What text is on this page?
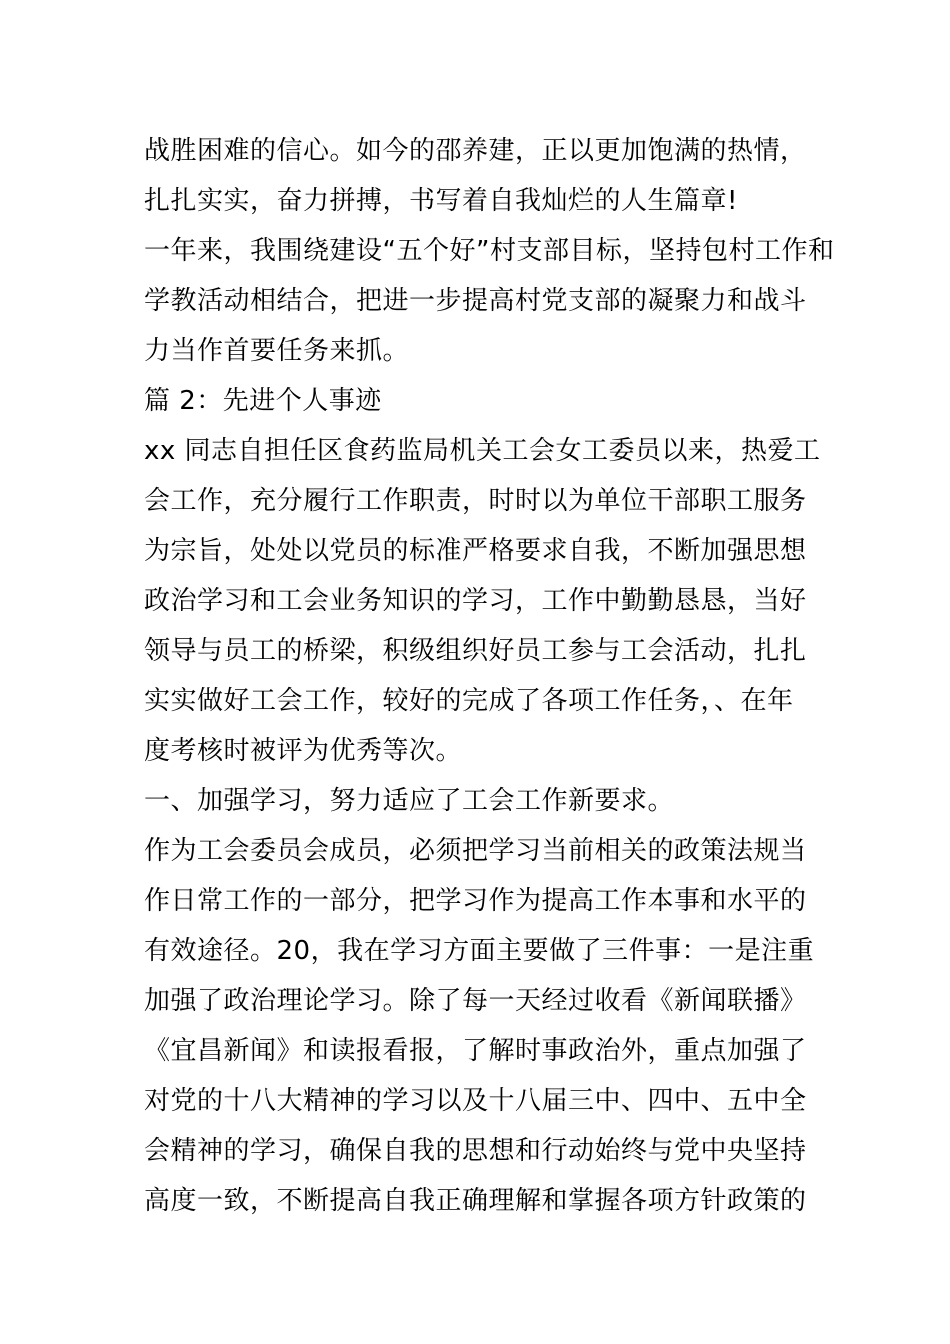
战胜困难的信心。如今的邵养建，正以更加饱满的热情，
扎扎实实，奋力拼搏，书写着自我灿烂的人生篇章!
一年来，我围绕建设“五个好”村支部目标，坚持包村工作和
学教活动相结合，把进一步提高村党支部的凝聚力和战斗
力当作首要任务来抓。
篇 2：先进个人事迹
xx 同志自担任区食药监局机关工会女工委员以来，热爱工
会工作，充分履行工作职责，时时以为单位干部职工服务
为宗旨，处处以党员的标准严格要求自我，不断加强思想
政治学习和工会业务知识的学习，工作中勤勤恳恳，当好
领导与员工的桥梁，积级组织好员工参与工会活动，扎扎
实实做好工会工作，较好的完成了各项工作任务，、在年
度考核时被评为优秀等次。
一、加强学习，努力适应了工会工作新要求。
作为工会委员会成员，必须把学习当前相关的政策法规当
作日常工作的一部分，把学习作为提高工作本事和水平的
有效途径。20，我在学习方面主要做了三件事：一是注重
加强了政治理论学习。除了每一天经过收看《新闻联播》
《宜昌新闻》和读报看报，了解时事政治外，重点加强了
对党的十八大精神的学习以及十八届三中、四中、五中全
会精神的学习，确保自我的思想和行动始终与党中央坚持
高度一致，不断提高自我正确理解和掌握各项方针政策的
